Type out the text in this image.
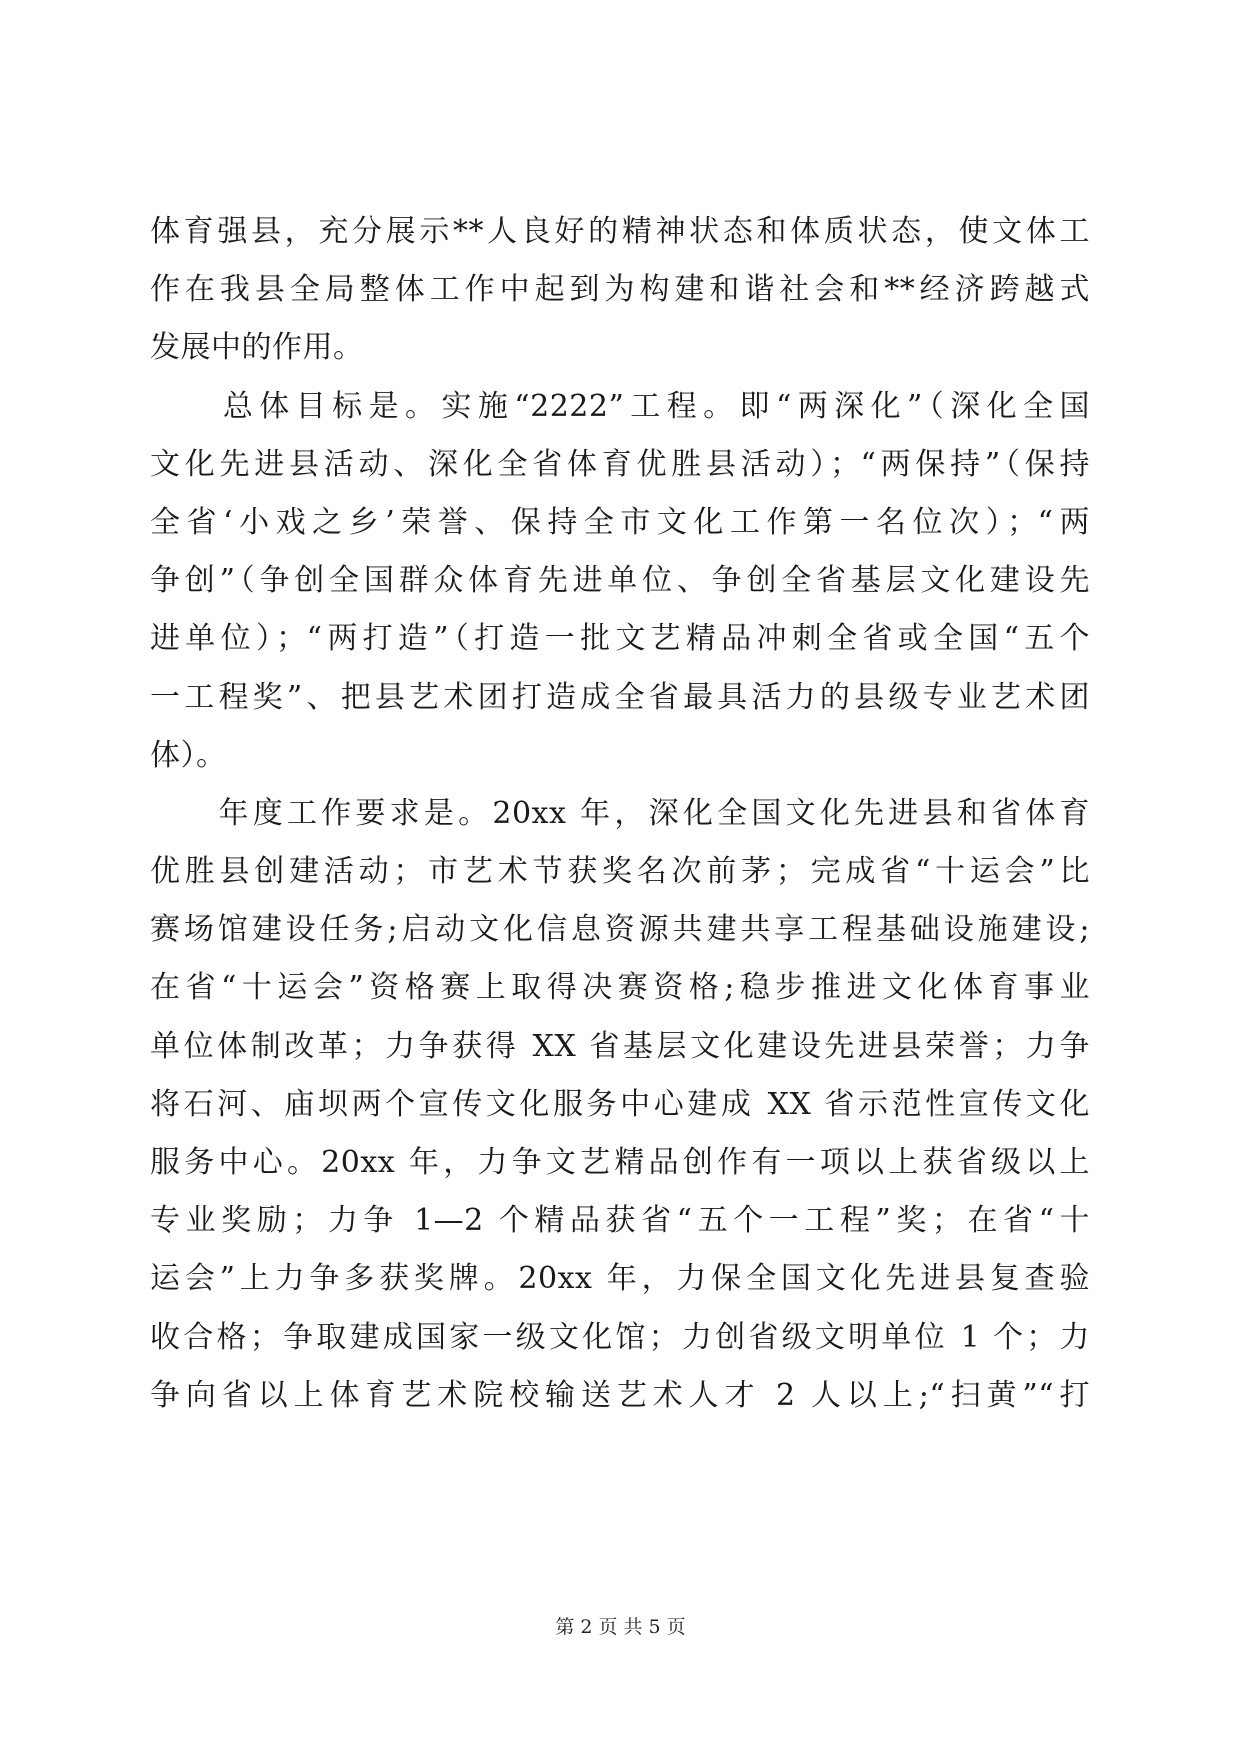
体育强县，充分展示**人良好的精神状态和体质状态，使文体工
作在我县全局整体工作中起到为构建和谐社会和**经济跨越式
发展中的作用。
　　总体目标是。实施“2222”工程。即“两深化”（深化全国
文化先进县活动、深化全省体育优胜县活动）；“两保持”（保持
全省‘小戏之乡’荣誉、保持全市文化工作第一名位次）；“两
争创”（争创全国群众体育先进单位、争创全省基层文化建设先
进单位）；“两打造”（打造一批文艺精品冲刺全省或全国“五个
一工程奖”、把县艺术团打造成全省最具活力的县级专业艺术团
体）。
　　年度工作要求是。20xx 年，深化全国文化先进县和省体育
优胜县创建活动；市艺术节获奖名次前茅；完成省“十运会”比
赛场馆建设任务;启动文化信息资源共建共享工程基础设施建设;
在省“十运会”资格赛上取得决赛资格;稳步推进文化体育事业
单位体制改革；力争获得 XX 省基层文化建设先进县荣誉；力争
将石河、庙坝两个宣传文化服务中心建成 XX 省示范性宣传文化
服务中心。20xx 年，力争文艺精品创作有一项以上获省级以上
专业奖励；力争 1—2 个精品获省“五个一工程”奖；在省“十
运会”上力争多获奖牌。20xx 年，力保全国文化先进县复查验
收合格；争取建成国家一级文化馆；力创省级文明单位 1 个；力
争向省以上体育艺术院校输送艺术人才 2 人以上;“扫黄”“打
第 2 页 共 5 页
